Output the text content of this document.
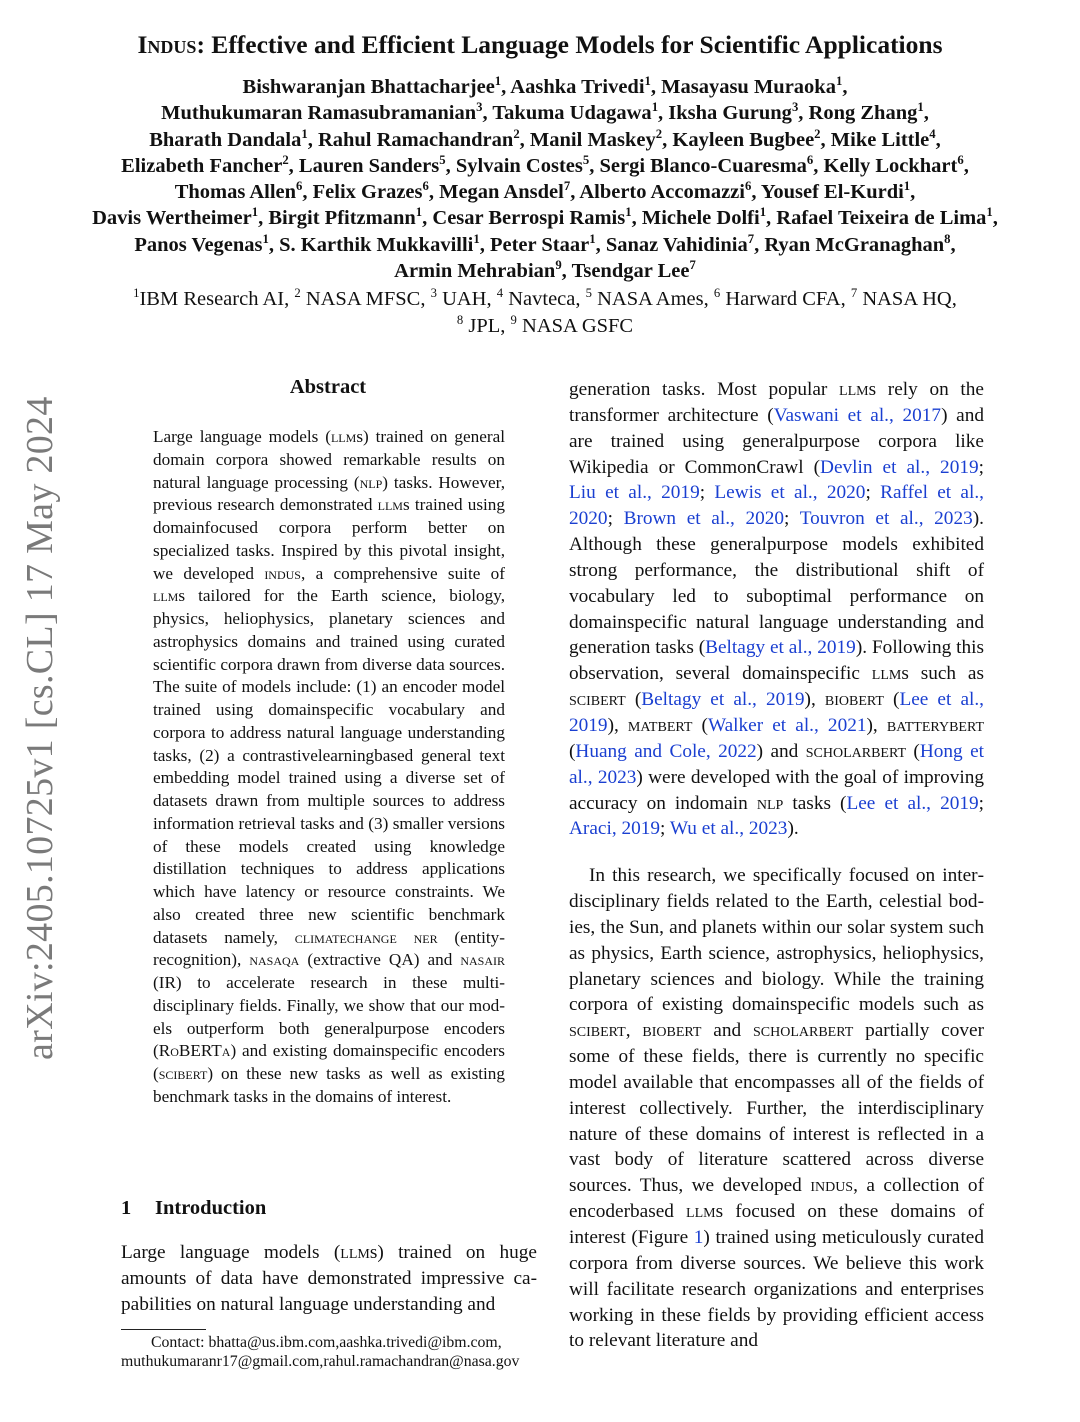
Indus: Effective and Efficient Language Models for Scientific Applications
Bishwaranjan Bhattacharjee$^1$, Aashka Trivedi$^1$, Masayasu Muraoka$^1$,
Muthukumaran Ramasubramanian$^3$, Takuma Udagawa$^1$, Iksha Gurung$^3$, Rong Zhang$^1$,
Bharath Dandala$^1$, Rahul Ramachandran$^2$, Manil Maskey$^2$, Kayleen Bugbee$^2$, Mike Little$^4$,
Elizabeth Fancher$^2$, Lauren Sanders$^5$, Sylvain Costes$^5$, Sergi Blanco-Cuaresma$^6$, Kelly Lockhart$^6$,
Thomas Allen$^6$, Felix Grazes$^6$, Megan Ansdel$^7$, Alberto Accomazzi$^6$, Yousef El-Kurdi$^1$,
Davis Wertheimer$^1$, Birgit Pfitzmann$^1$, Cesar Berrospi Ramis$^1$, Michele Dolfi$^1$, Rafael Teixeira de Lima$^1$,
Panos Vegenas$^1$, S. Karthik Mukkavilli$^1$, Peter Staar$^1$, Sanaz Vahidinia$^7$, Ryan McGranaghan$^8$,
Armin Mehrabian$^9$, Tsendgar Lee$^7$
$^1$IBM Research AI, $^2$ NASA MFSC, $^3$ UAH, $^4$ Navteca, $^5$ NASA Ames, $^6$ Harward CFA, $^7$ NASA HQ,
$^8$ JPL, $^9$ NASA GSFC
arXiv:2405.10725v1 [cs.CL] 17 May 2024
Abstract
Large language models (llms) trained on general domain corpora showed remarkable results on natural language processing (nlp) tasks. However, previous research demonstrated llms trained using domainfocused corpora perform better on specialized tasks. Inspired by this pivotal insight, we developed indus, a comprehensive suite of llms tailored for the Earth science, biology, physics, heliophysics, planetary sciences and astrophysics domains and trained using curated scientific corpora drawn from diverse data sources. The suite of models include: (1) an encoder model trained using domainspecific vocabulary and corpora to address natural language understanding tasks, (2) a contrastivelearningbased general text embedding model trained using a diverse set of datasets drawn from multiple sources to address information retrieval tasks and (3) smaller versions of these models created using knowledge distillation techniques to address applications which have latency or resource constraints. We also created three new scientific benchmark datasets namely, climatechange ner (entityrecognition), nasaqa (extractive QA) and nasair (IR) to accelerate research in these multidisciplinary fields. Finally, we show that our models outperform both generalpurpose encoders (RoBERTa) and existing domainspecific encoders (scibert) on these new tasks as well as existing benchmark tasks in the domains of interest.
1 Introduction
Large language models (llms) trained on huge amounts of data have demonstrated impressive capabilities on natural language understanding and
Contact: bhatta@us.ibm.com,aashka.trivedi@ibm.com,
muthukumaranr17@gmail.com,rahul.ramachandran@nasa.gov

generation tasks. Most popular llms rely on the transformer architecture (Vaswani et al., 2017) and are trained using generalpurpose corpora like Wikipedia or CommonCrawl (Devlin et al., 2019; Liu et al., 2019; Lewis et al., 2020; Raffel et al., 2020; Brown et al., 2020; Touvron et al., 2023). Although these generalpurpose models exhibited strong performance, the distributional shift of vocabulary led to suboptimal performance on domainspecific natural language understanding and generation tasks (Beltagy et al., 2019). Following this observation, several domainspecific llms such as scibert (Beltagy et al., 2019), biobert (Lee et al., 2019), matbert (Walker et al., 2021), batterybert (Huang and Cole, 2022) and scholarbert (Hong et al., 2023) were developed with the goal of improving accuracy on indomain nlp tasks (Lee et al., 2019; Araci, 2019; Wu et al., 2023).

In this research, we specifically focused on interdisciplinary fields related to the Earth, celestial bodies, the Sun, and planets within our solar system such as physics, Earth science, astrophysics, heliophysics, planetary sciences and biology. While the training corpora of existing domainspecific models such as scibert, biobert and scholarbert partially cover some of these fields, there is currently no specific model available that encompasses all of the fields of interest collectively. Further, the interdisciplinary nature of these domains of interest is reflected in a vast body of literature scattered across diverse sources. Thus, we developed indus, a collection of encoderbased llms focused on these domains of interest (Figure 1) trained using meticulously curated corpora from diverse sources. We believe this work will facilitate research organizations and enterprises working in these fields by providing efficient access to relevant literature and
